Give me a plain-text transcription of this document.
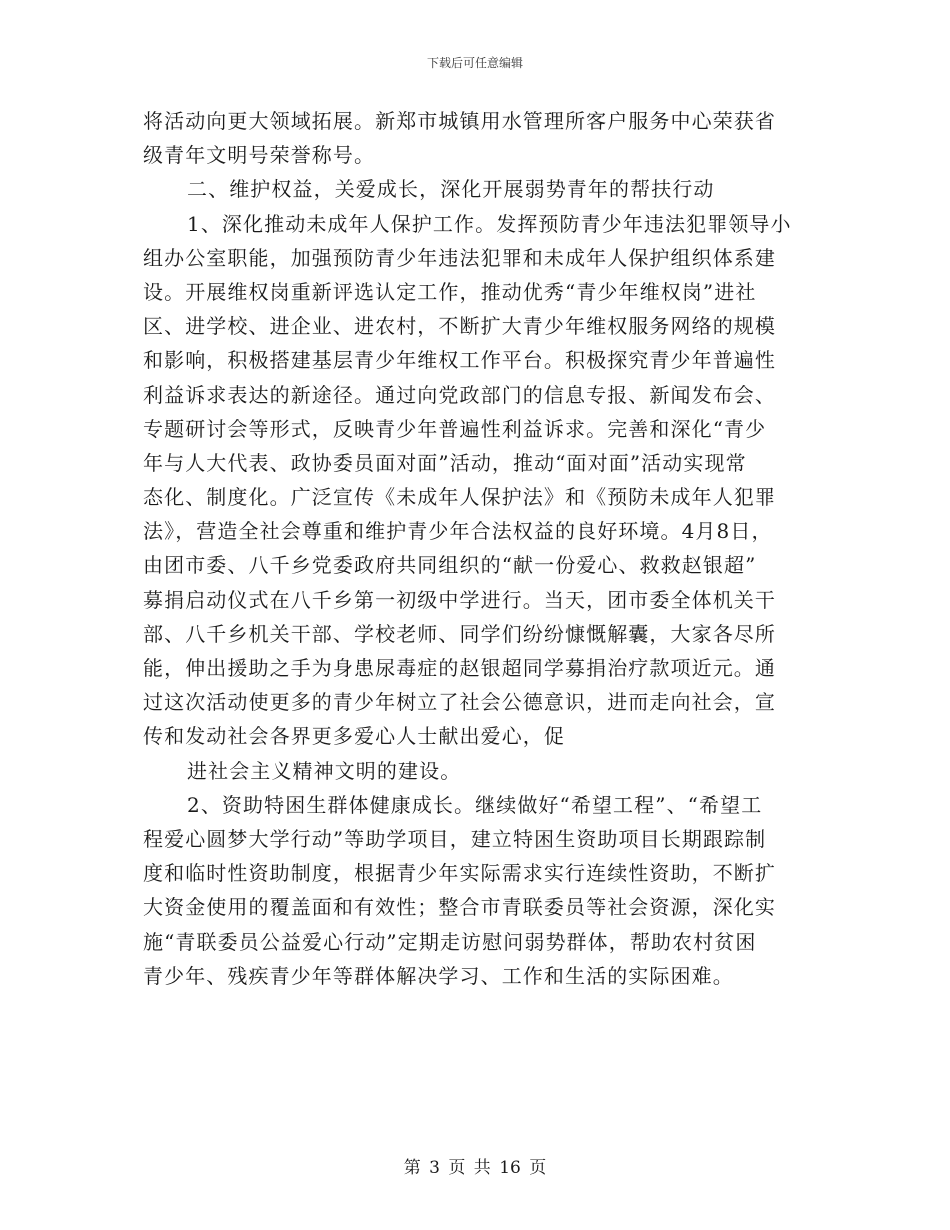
下载后可任意编辑
将活动向更大领域拓展。新郑市城镇用水管理所客户服务中心荣获省
级青年文明号荣誉称号。
二、维护权益，关爱成长，深化开展弱势青年的帮扶行动
1、深化推动未成年人保护工作。发挥预防青少年违法犯罪领导小
组办公室职能，加强预防青少年违法犯罪和未成年人保护组织体系建
设。开展维权岗重新评选认定工作，推动优秀“青少年维权岗”进社
区、进学校、进企业、进农村，不断扩大青少年维权服务网络的规模
和影响，积极搭建基层青少年维权工作平台。积极探究青少年普遍性
利益诉求表达的新途径。通过向党政部门的信息专报、新闻发布会、
专题研讨会等形式，反映青少年普遍性利益诉求。完善和深化“青少
年与人大代表、政协委员面对面”活动，推动“面对面”活动实现常
态化、制度化。广泛宣传《未成年人保护法》和《预防未成年人犯罪
法》，营造全社会尊重和维护青少年合法权益的良好环境。4月8日，
由团市委、八千乡党委政府共同组织的“献一份爱心、救救赵银超”
募捐启动仪式在八千乡第一初级中学进行。当天，团市委全体机关干
部、八千乡机关干部、学校老师、同学们纷纷慷慨解囊，大家各尽所
能，伸出援助之手为身患尿毒症的赵银超同学募捐治疗款项近元。通
过这次活动使更多的青少年树立了社会公德意识，进而走向社会，宣
传和发动社会各界更多爱心人士献出爱心，促
进社会主义精神文明的建设。
2、资助特困生群体健康成长。继续做好“希望工程”、“希望工
程爱心圆梦大学行动”等助学项目，建立特困生资助项目长期跟踪制
度和临时性资助制度，根据青少年实际需求实行连续性资助，不断扩
大资金使用的覆盖面和有效性；整合市青联委员等社会资源，深化实
施“青联委员公益爱心行动”定期走访慰问弱势群体，帮助农村贫困
青少年、残疾青少年等群体解决学习、工作和生活的实际困难。
第 3 页 共 16 页
